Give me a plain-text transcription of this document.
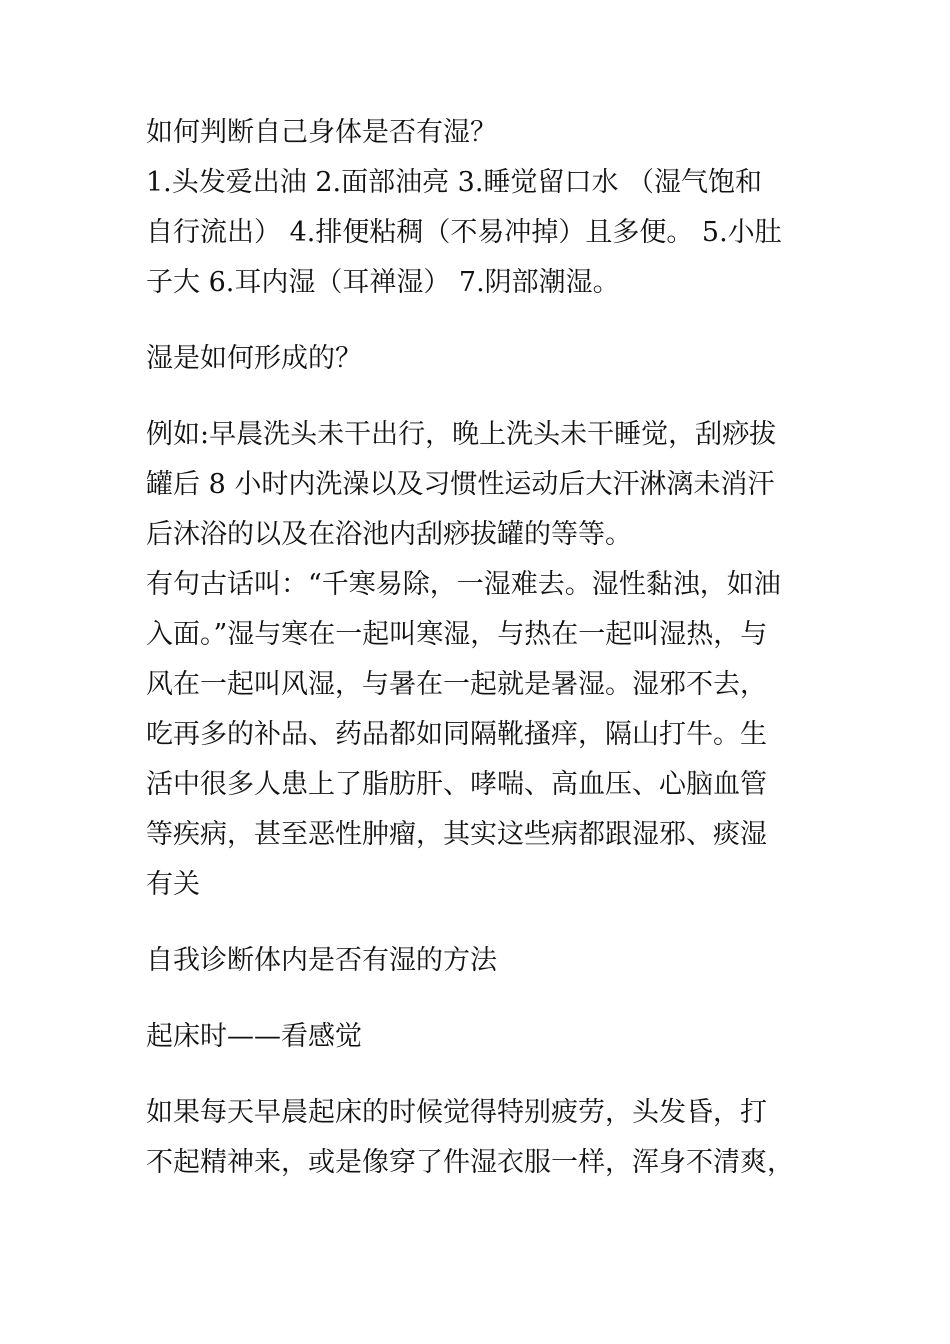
如何判断自己身体是否有湿？
1.头发爱出油 2.面部油亮 3.睡觉留口水 （湿气饱和
自行流出） 4.排便粘稠（不易冲掉）且多便。 5.小肚
子大 6.耳内湿（耳禅湿） 7.阴部潮湿。
湿是如何形成的？
例如:早晨洗头未干出行，晚上洗头未干睡觉，刮痧拔
罐后 8 小时内洗澡以及习惯性运动后大汗淋漓未消汗
后沐浴的以及在浴池内刮痧拔罐的等等。
有句古话叫：“千寒易除，一湿难去。湿性黏浊，如油
入面。”湿与寒在一起叫寒湿，与热在一起叫湿热，与
风在一起叫风湿，与暑在一起就是暑湿。湿邪不去，
吃再多的补品、药品都如同隔靴搔痒，隔山打牛。生
活中很多人患上了脂肪肝、哮喘、高血压、心脑血管
等疾病，甚至恶性肿瘤，其实这些病都跟湿邪、痰湿
有关
自我诊断体内是否有湿的方法
起床时——看感觉
如果每天早晨起床的时候觉得特别疲劳，头发昏，打
不起精神来，或是像穿了件湿衣服一样，浑身不清爽，
